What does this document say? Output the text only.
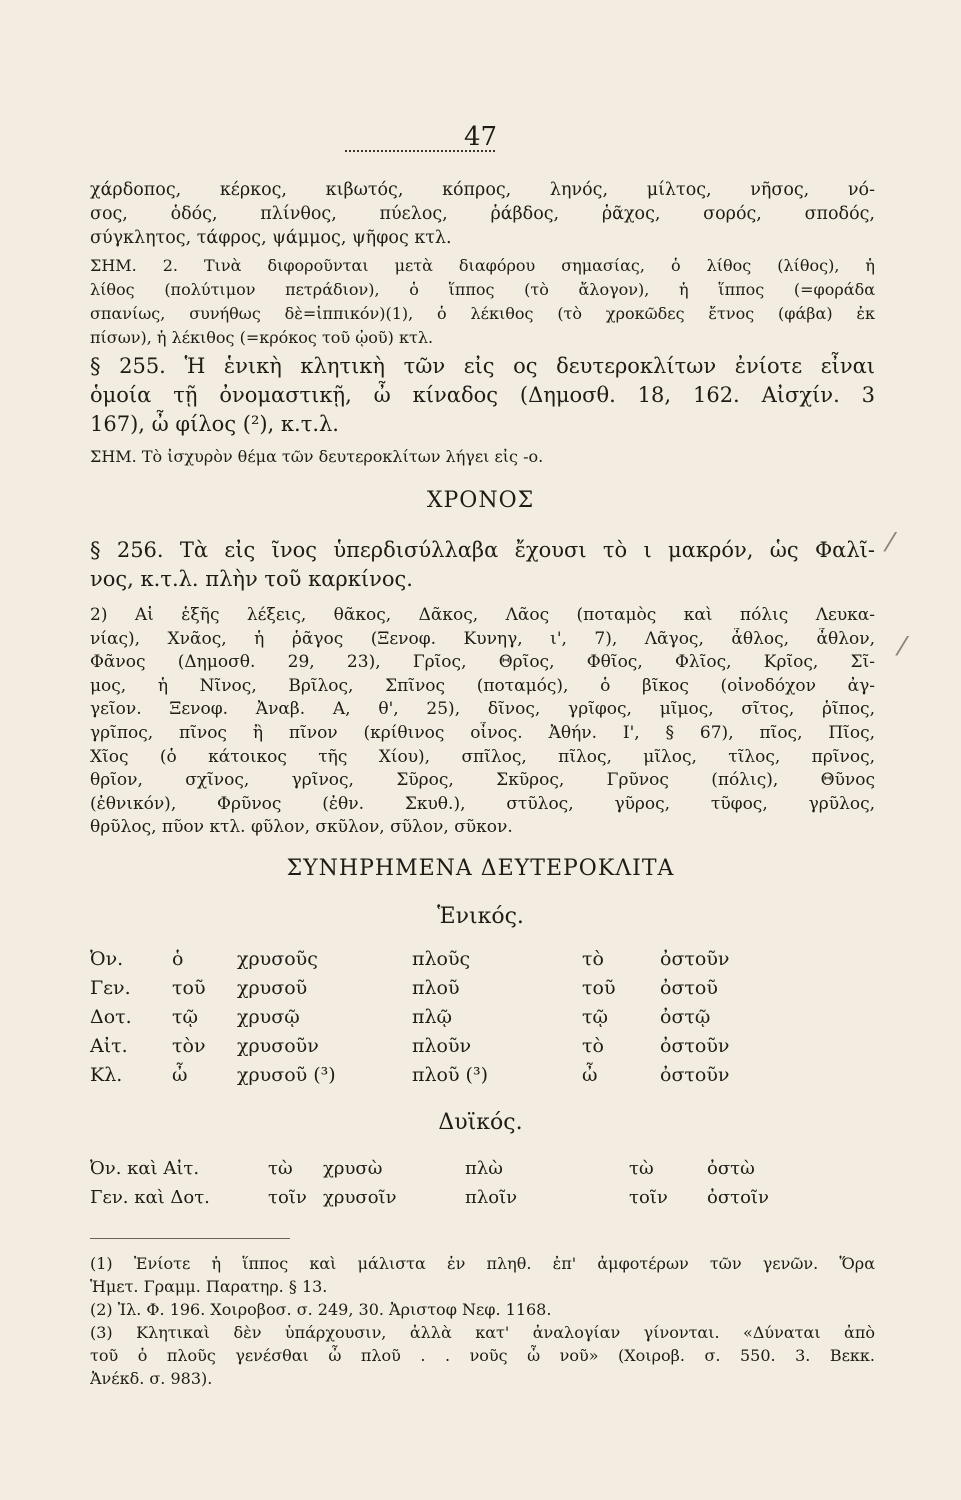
47
χάρδοπος, κέρκος, κιβωτός, κόπρος, ληνός, μίλτος, νῆσος, νό-
σος, ὁδός, πλίνθος, πύελος, ῥάβδος, ῥᾶχος, σορός, σποδός,
σύγκλητος, τάφρος, ψάμμος, ψῆφος κτλ.
ΣΗΜ. 2. Τινὰ διφοροῦνται μετὰ διαφόρου σημασίας, ὁ λίθος (λίθος), ἡ
λίθος (πολύτιμον πετράδιον), ὁ ἵππος (τὸ ἄλογον), ἡ ἵππος (=φοράδα
σπανίως, συνήθως δὲ=ἱππικόν)(1), ὁ λέκιθος (τὸ χροκῶδες ἔτνος (φάβα) ἐκ
πίσων), ἡ λέκιθος (=κρόκος τοῦ ᾠοῦ) κτλ.
§ 255. Ἡ ἑνικὴ κλητικὴ τῶν εἰς ος δευτεροκλίτων ἐνίοτε εἶναι
ὁμοία τῇ ὀνομαστικῇ, ὦ κίναδος (Δημοσθ. 18, 162. Αἰσχίν. 3
167), ὦ φίλος (²), κ.τ.λ.
ΣΗΜ. Τὸ ἰσχυρὸν θέμα τῶν δευτεροκλίτων λήγει εἰς -ο.
ΧΡΟΝΟΣ
§ 256. Τὰ εἰς ῖνος ὑπερδισύλλαβα ἔχουσι τὸ ι μακρόν, ὡς Φαλῖ-
νος, κ.τ.λ. πλὴν τοῦ καρκίνος.
2) Αἱ ἑξῆς λέξεις, θᾶκος, Δᾶκος, Λᾶος (ποταμὸς καὶ πόλις Λευκα-
νίας), Χνᾶος, ἡ ῥᾶγος (Ξενοφ. Κυνηγ, ι', 7), Λᾶγος, ἆθλος, ἆθλον,
Φᾶνος (Δημοσθ. 29, 23), Γρῖος, Θρῖος, Φθῖος, Φλῖος, Κρῖος, Σῖ-
μος, ἡ Νῖνος, Βρῖλος, Σπῖνος (ποταμός), ὁ βῖκος (οἰνοδόχον ἀγ-
γεῖον. Ξενοφ. Ἀναβ. Α, θ', 25), δῖνος, γρῖφος, μῖμος, σῖτος, ῥῖπος,
γρῖπος, πῖνος ἢ πῖνον (κρίθινος οἶνος. Ἀθήν. Ι', § 67), πῖος, Πῖος,
Χῖος (ὁ κάτοικος τῆς Χίου), σπῖλος, πῖλος, μῖλος, τῖλος, πρῖνος,
θρῖον, σχῖνος, γρῖνος, Σῦρος, Σκῦρος, Γρῦνος (πόλις), Θῦνος
(ἐθνικόν), Φρῦνος (ἐθν. Σκυθ.), στῦλος, γῦρος, τῦφος, γρῦλος,
θρῦλος, πῦον κτλ. φῦλον, σκῦλον, σῦλον, σῦκον.
ΣΥΝΗΡΗΜΕΝΑ ΔΕΥΤΕΡΟΚΛΙΤΑ
Ἑνικός.
Ὀν.	ὁ	χρυσοῦς	πλοῦς	τὸ	ὀστοῦν
Γεν.	τοῦ	χρυσοῦ	πλοῦ	τοῦ	ὀστοῦ
Δοτ.	τῷ	χρυσῷ	πλῷ	τῷ	ὀστῷ
Αἰτ.	τὸν	χρυσοῦν	πλοῦν	τὸ	ὀστοῦν
Κλ.	ὦ	χρυσοῦ (³)	πλοῦ (³)	ὦ	ὀστοῦν
Δυϊκός.
Ὀν. καὶ Αἰτ.	τὼ	χρυσὼ	πλὼ	τὼ	ὀστὼ
Γεν. καὶ Δοτ.	τοῖν	χρυσοῖν	πλοῖν	τοῖν	ὀστοῖν
(1) Ἐνίοτε ἡ ἵππος καὶ μάλιστα ἐν πληθ. ἐπ' ἀμφοτέρων τῶν γενῶν. Ὅρα
Ἡμετ. Γραμμ. Παρατηρ. § 13.
(2) Ἰλ. Φ. 196. Χοιροβοσ. σ. 249, 30. Ἀριστοφ Νεφ. 1168.
(3) Κλητικαὶ δὲν ὑπάρχουσιν, ἀλλὰ κατ' ἀναλογίαν γίνονται. «Δύναται ἀπὸ
τοῦ ὁ πλοῦς γενέσθαι ὦ πλοῦ . . νοῦς ὦ νοῦ» (Χοιροβ. σ. 550. 3. Βεκκ.
Ἀνέκδ. σ. 983).
⁄
⁄
